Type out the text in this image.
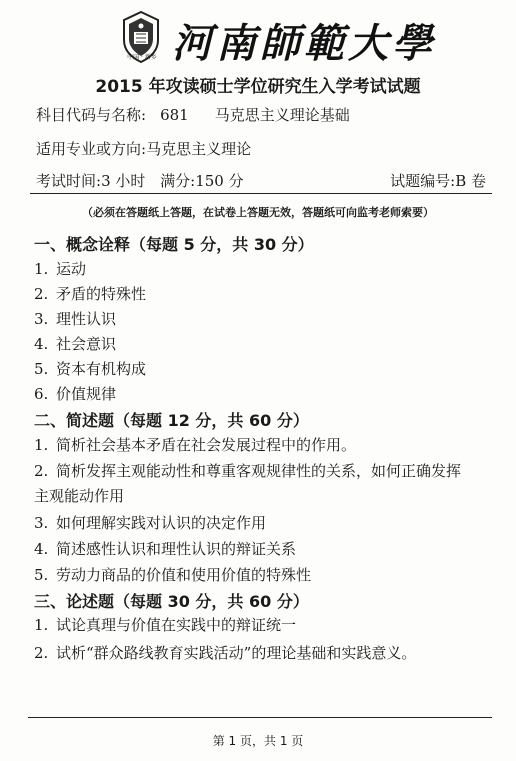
中国 · 新乡 河南師範大學
2015 年攻读硕士学位研究生入学考试试题
科目代码与名称: 681 马克思主义理论基础
适用专业或方向:马克思主义理论
考试时间:3 小时 满分:150 分	试题编号:B 卷
（必须在答题纸上答题，在试卷上答题无效，答题纸可向监考老师索要）
一、概念诠释（每题 5 分，共 30 分）
1. 运动
2. 矛盾的特殊性
3. 理性认识
4. 社会意识
5. 资本有机构成
6. 价值规律
二、简述题（每题 12 分，共 60 分）
1. 简析社会基本矛盾在社会发展过程中的作用。
2. 简析发挥主观能动性和尊重客观规律性的关系，如何正确发挥
主观能动作用
3. 如何理解实践对认识的决定作用
4. 简述感性认识和理性认识的辩证关系
5. 劳动力商品的价值和使用价值的特殊性
三、论述题（每题 30 分，共 60 分）
1. 试论真理与价值在实践中的辩证统一
2. 试析“群众路线教育实践活动”的理论基础和实践意义。
第 1 页，共 1 页
